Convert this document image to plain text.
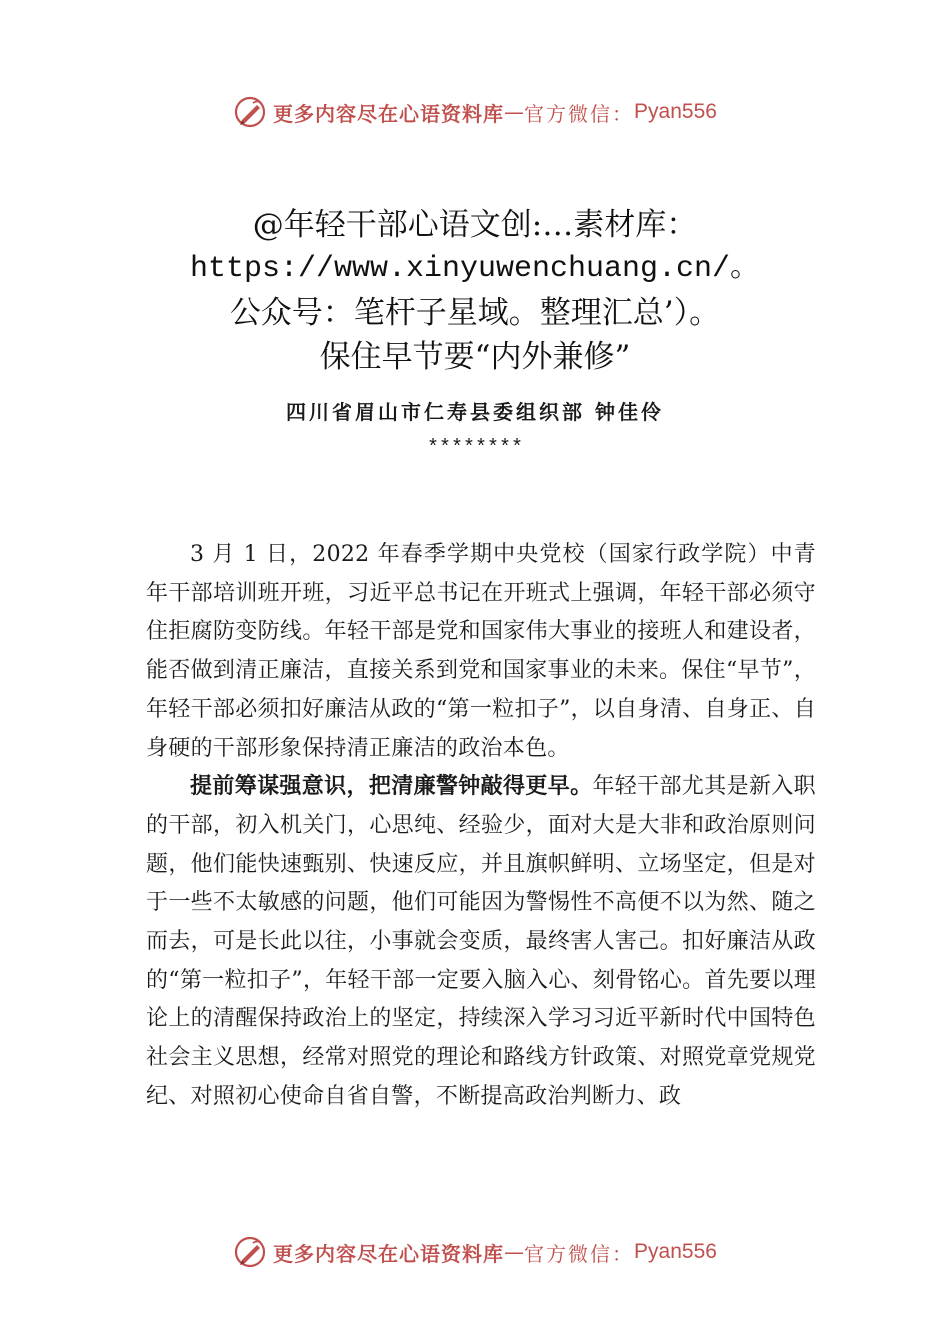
更多内容尽在心语资料库 — 官方微信： Pyan556
@年轻干部心语文创:…素材库：
https://www.xinyuwenchuang.cn/。
公众号：笔杆子星域。整理汇总’）。
保住早节要“内外兼修”
四川省眉山市仁寿县委组织部 钟佳伶
********

3 月 1 日，2022 年春季学期中央党校（国家行政学院）中青年干部培训班开班，习近平总书记在开班式上强调，年轻干部必须守住拒腐防变防线。年轻干部是党和国家伟大事业的接班人和建设者，能否做到清正廉洁，直接关系到党和国家事业的未来。保住“早节”，年轻干部必须扣好廉洁从政的“第一粒扣子”，以自身清、自身正、自身硬的干部形象保持清正廉洁的政治本色。

提前筹谋强意识，把清廉警钟敲得更早。年轻干部尤其是新入职的干部，初入机关门，心思纯、经验少，面对大是大非和政治原则问题，他们能快速甄别、快速反应，并且旗帜鲜明、立场坚定，但是对于一些不太敏感的问题，他们可能因为警惕性不高便不以为然、随之而去，可是长此以往，小事就会变质，最终害人害己。扣好廉洁从政的“第一粒扣子”，年轻干部一定要入脑入心、刻骨铭心。首先要以理论上的清醒保持政治上的坚定，持续深入学习习近平新时代中国特色社会主义思想，经常对照党的理论和路线方针政策、对照党章党规党纪、对照初心使命自省自警，不断提高政治判断力、政

更多内容尽在心语资料库 — 官方微信： Pyan556
